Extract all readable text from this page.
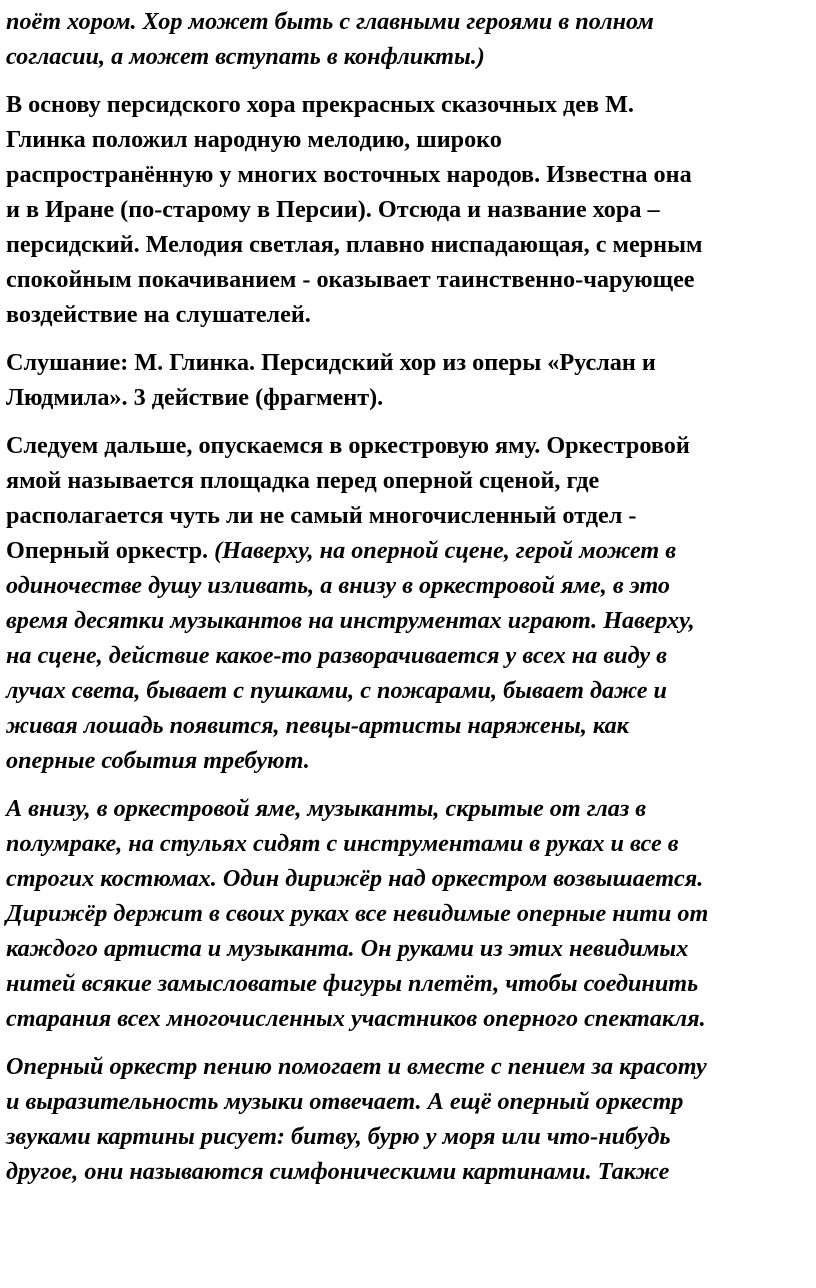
поёт хором. Хор может быть с главными героями в полном
согласии, а может вступать в конфликты.)

В основу персидского хора прекрасных сказочных дев М.
Глинка положил народную мелодию, широко
распространённую у многих восточных народов. Известна она
и в Иране (по-старому в Персии). Отсюда и название хора –
персидский. Мелодия светлая, плавно ниспадающая, с мерным
спокойным покачиванием - оказывает таинственно-чарующее
воздействие на слушателей.

Слушание: М. Глинка. Персидский хор из оперы «Руслан и
Людмила». 3 действие (фрагмент).

Следуем дальше, опускаемся в оркестровую яму. Оркестровой
ямой называется площадка перед оперной сценой, где
располагается чуть ли не самый многочисленный отдел -
Оперный оркестр. (Наверху, на оперной сцене, герой может в
одиночестве душу изливать, а внизу в оркестровой яме, в это
время десятки музыкантов на инструментах играют. Наверху,
на сцене, действие какое-то разворачивается у всех на виду в
лучах света, бывает с пушками, с пожарами, бывает даже и
живая лошадь появится, певцы-артисты наряжены, как
оперные события требуют.

А внизу, в оркестровой яме, музыканты, скрытые от глаз в
полумраке, на стульях сидят с инструментами в руках и все в
строгих костюмах. Один дирижёр над оркестром возвышается.
Дирижёр держит в своих руках все невидимые оперные нити от
каждого артиста и музыканта. Он руками из этих невидимых
нитей всякие замысловатые фигуры плетёт, чтобы соединить
старания всех многочисленных участников оперного спектакля.

Оперный оркестр пению помогает и вместе с пением за красоту
и выразительность музыки отвечает. А ещё оперный оркестр
звуками картины рисует: битву, бурю у моря или что-нибудь
другое, они называются симфоническими картинами. Также
